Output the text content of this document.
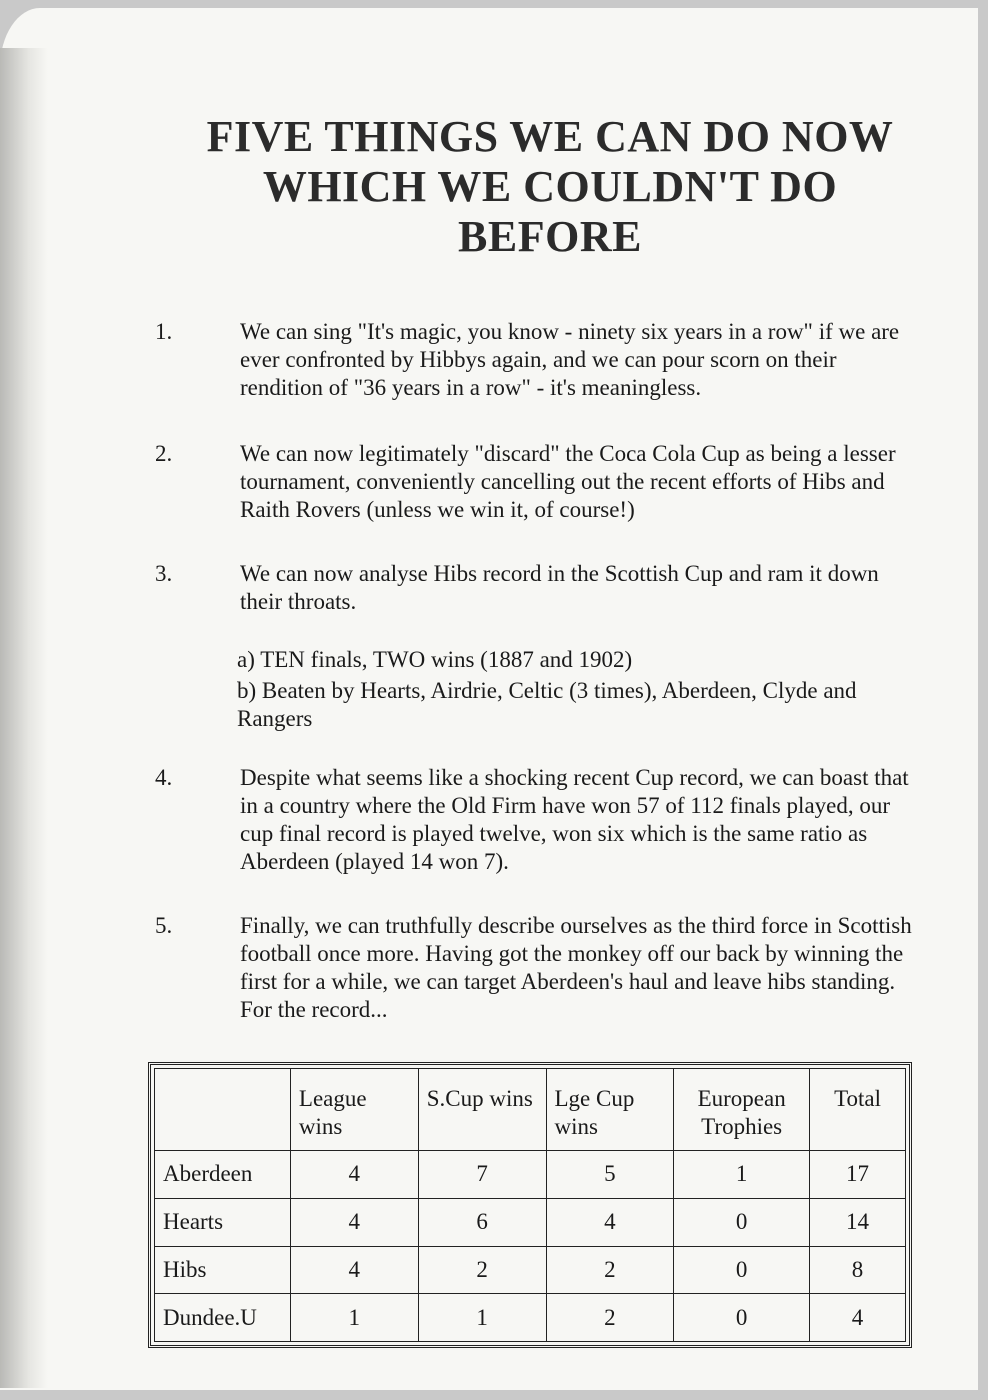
FIVE THINGS WE CAN DO NOW
WHICH WE COULDN'T DO
BEFORE
1.	We can sing "It's magic, you know - ninety six years in a row" if we are ever confronted by Hibbys again, and we can pour scorn on their rendition of "36 years in a row" - it's meaningless.
2.	We can now legitimately "discard" the Coca Cola Cup as being a lesser tournament, conveniently cancelling out the recent efforts of Hibs and Raith Rovers (unless we win it, of course!)
3.	We can now analyse Hibs record in the Scottish Cup and ram it down their throats.
a) TEN finals, TWO wins (1887 and 1902)
b) Beaten by Hearts, Airdrie, Celtic (3 times), Aberdeen, Clyde and Rangers
4.	Despite what seems like a shocking recent Cup record, we can boast that in a country where the Old Firm have won 57 of 112 finals played, our cup final record is played twelve, won six which is the same ratio as Aberdeen (played 14 won 7).
5.	Finally, we can truthfully describe ourselves as the third force in Scottish football once more. Having got the monkey off our back by winning the first for a while, we can target Aberdeen's haul and leave hibs standing. For the record...
	League wins	S.Cup wins	Lge Cup wins	European Trophies	Total
Aberdeen	4	7	5	1	17
Hearts	4	6	4	0	14
Hibs	4	2	2	0	8
Dundee.U	1	1	2	0	4
